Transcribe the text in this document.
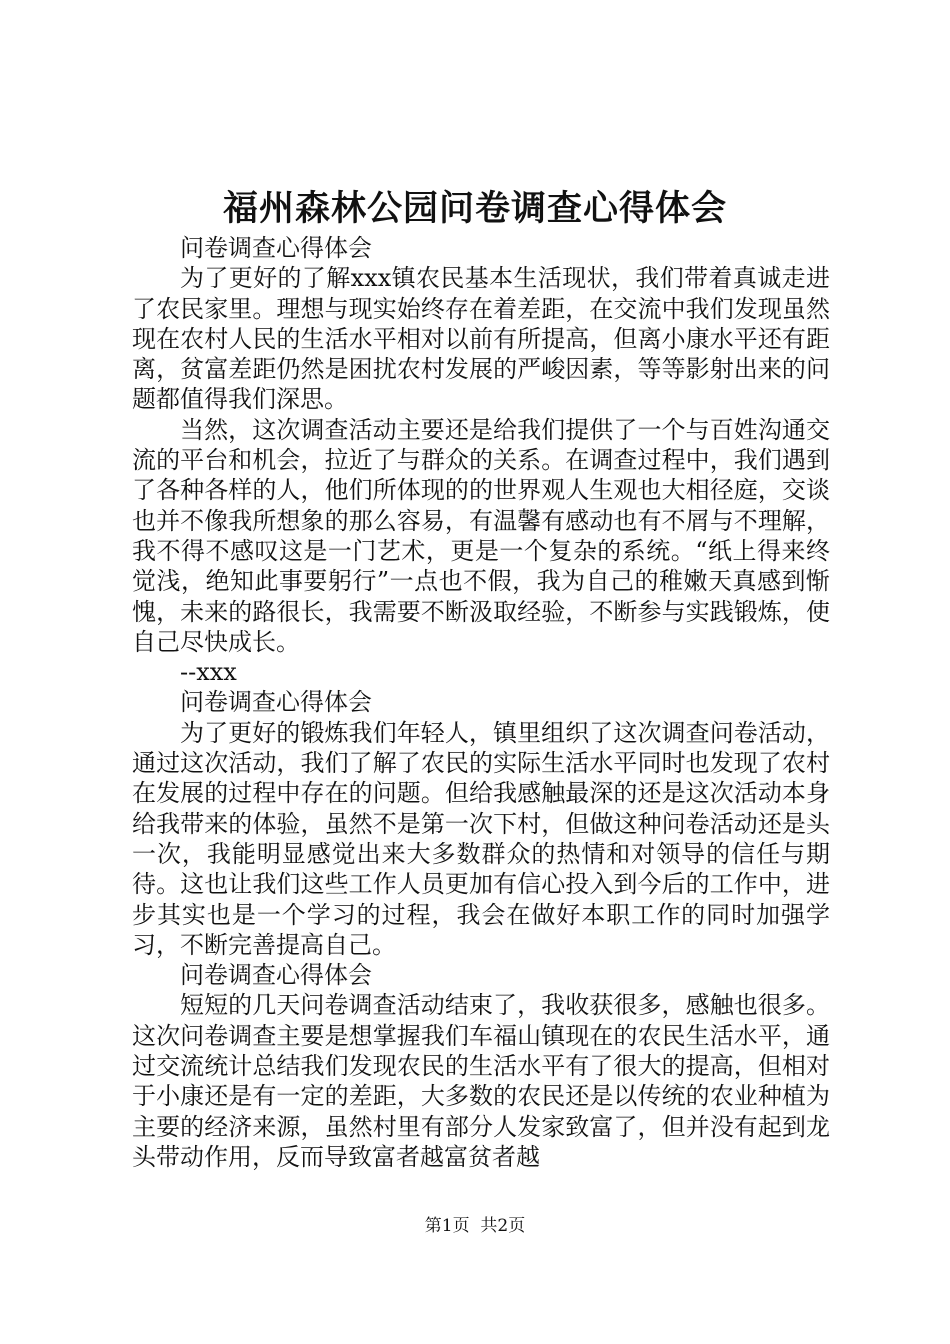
福州森林公园问卷调查心得体会

问卷调查心得体会

为了更好的了解xxx镇农民基本生活现状，我们带着真诚走进了农民家里。理想与现实始终存在着差距，在交流中我们发现虽然现在农村人民的生活水平相对以前有所提高，但离小康水平还有距离，贫富差距仍然是困扰农村发展的严峻因素，等等影射出来的问题都值得我们深思。

当然，这次调查活动主要还是给我们提供了一个与百姓沟通交流的平台和机会，拉近了与群众的关系。在调查过程中，我们遇到了各种各样的人，他们所体现的的世界观人生观也大相径庭，交谈也并不像我所想象的那么容易，有温馨有感动也有不屑与不理解，我不得不感叹这是一门艺术，更是一个复杂的系统。“纸上得来终觉浅，绝知此事要躬行”一点也不假，我为自己的稚嫩天真感到惭愧，未来的路很长，我需要不断汲取经验，不断参与实践锻炼，使自己尽快成长。

--xxx

问卷调查心得体会

为了更好的锻炼我们年轻人，镇里组织了这次调查问卷活动，通过这次活动，我们了解了农民的实际生活水平同时也发现了农村在发展的过程中存在的问题。但给我感触最深的还是这次活动本身给我带来的体验，虽然不是第一次下村，但做这种问卷活动还是头一次，我能明显感觉出来大多数群众的热情和对领导的信任与期待。这也让我们这些工作人员更加有信心投入到今后的工作中，进步其实也是一个学习的过程，我会在做好本职工作的同时加强学习，不断完善提高自己。

问卷调查心得体会

短短的几天问卷调查活动结束了，我收获很多，感触也很多。这次问卷调查主要是想掌握我们车福山镇现在的农民生活水平，通过交流统计总结我们发现农民的生活水平有了很大的提高，但相对于小康还是有一定的差距，大多数的农民还是以传统的农业种植为主要的经济来源，虽然村里有部分人发家致富了，但并没有起到龙头带动作用，反而导致富者越富贫者越

第1页 共2页
